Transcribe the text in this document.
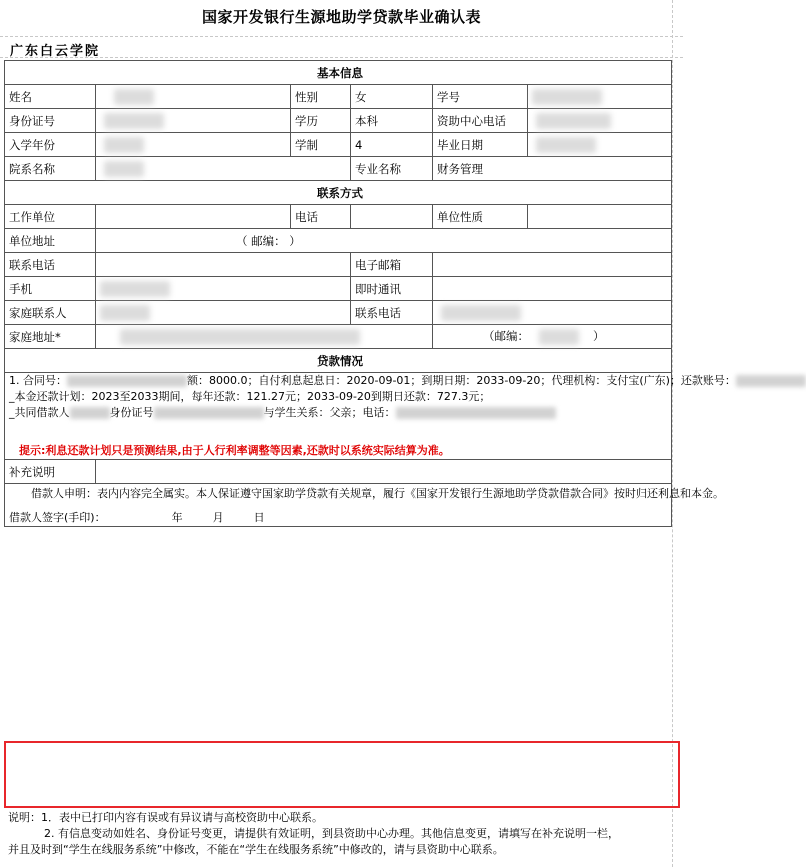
国家开发银行生源地助学贷款毕业确认表
广东白云学院
基本信息					
姓名		性别	女	学号	
身份证号		学历	本科	资助中心电话	
入学年份		学制	4	毕业日期	
院系名称			专业名称	财务管理	
联系方式					
工作单位		电话		单位性质	
单位地址	（ 邮编： ）				
联系电话			电子邮箱		
手机			即时通讯		
家庭联系人			联系电话		
家庭地址*				（邮编： ）	
贷款情况					

1. 合同号： 额：8000.0；自付利息起息日：2020-09-01；到期日期：2033-09-20；代理机构：支付宝(广东)；还款账号：

_本金还款计划：2023至2033期间，每年还款：121.27元；2033-09-20到期日还款：727.3元；

_共同借款人 身份证号 与学生关系：父亲；电话：

提示:利息还款计划只是预测结果,由于人行利率调整等因素,还款时以系统实际结算为准。					

补充说明					

借款人申明：表内内容完全属实。本人保证遵守国家助学贷款有关规章，履行《国家开发银行生源地助学贷款借款合同》按时归还利息和本金。
借款人签字(手印)： 年 月 日					

说明：1．表中已打印内容有误或有异议请与高校资助中心联系。

2. 有信息变动如姓名、身份证号变更，请提供有效证明，到县资助中心办理。其他信息变更，请填写在补充说明一栏，

并且及时到“学生在线服务系统”中修改，不能在“学生在线服务系统”中修改的，请与县资助中心联系。
